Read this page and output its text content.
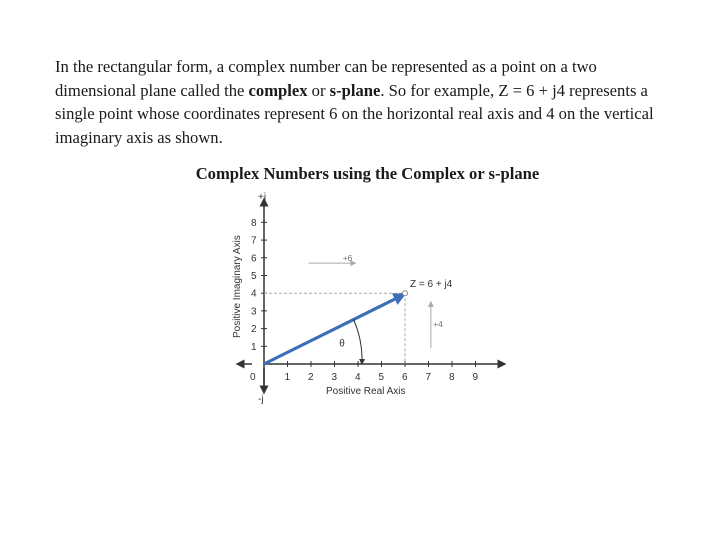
In the rectangular form, a complex number can be represented as a point on a two dimensional plane called the complex or s-plane. So for example, Z = 6 + j4 represents a single point whose coordinates represent 6 on the horizontal real axis and 4 on the vertical imaginary axis as shown.

Complex Numbers using the Complex or s-plane

1 2 3 4 5 6 7 8 9
1
2
3
4
5
6
7
8
+j
-j
0
Positive Real Axis
Positive Imaginary Axis	+6
+4
Z = 6 + j4
θ
